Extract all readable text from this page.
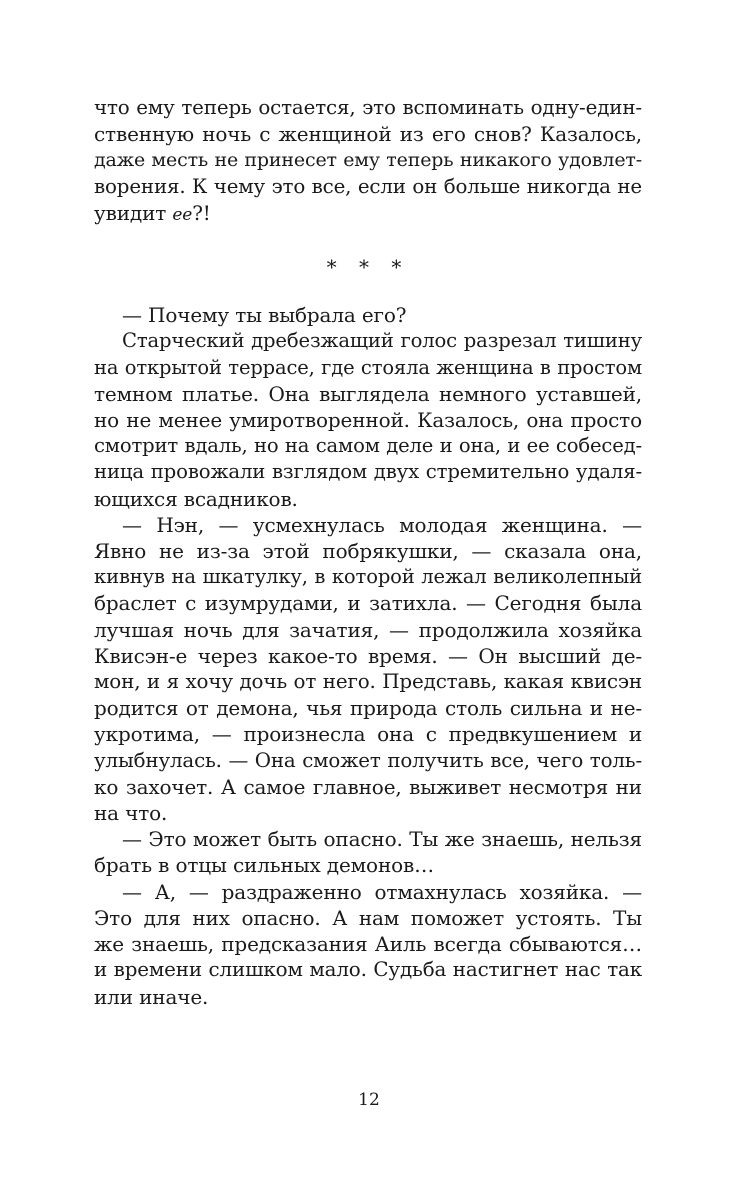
что ему теперь остается, это вспоминать одну-един-
ственную ночь с женщиной из его снов? Казалось,
даже месть не принесет ему теперь никакого удовлет-
ворения. К чему это все, если он больше никогда не
увидит ее?!

* * *

— Почему ты выбрала его?

Старческий дребезжащий голос разрезал тишину
на открытой террасе, где стояла женщина в простом
темном платье. Она выглядела немного уставшей,
но не менее умиротворенной. Казалось, она просто
смотрит вдаль, но на самом деле и она, и ее собесед-
ница провожали взглядом двух стремительно удаля-
ющихся всадников.

— Нэн, — усмехнулась молодая женщина. —
Явно не из-за этой побрякушки, — сказала она,
кивнув на шкатулку, в которой лежал великолепный
браслет с изумрудами, и затихла. — Сегодня была
лучшая ночь для зачатия, — продолжила хозяйка
Квисэн-е через какое-то время. — Он высший де-
мон, и я хочу дочь от него. Представь, какая квисэн
родится от демона, чья природа столь сильна и не-
укротима, — произнесла она с предвкушением и
улыбнулась. — Она сможет получить все, чего толь-
ко захочет. А самое главное, выживет несмотря ни
на что.

— Это может быть опасно. Ты же знаешь, нельзя
брать в отцы сильных демонов…

— А, — раздраженно отмахнулась хозяйка. —
Это для них опасно. А нам поможет устоять. Ты
же знаешь, предсказания Аиль всегда сбываются…
и времени слишком мало. Судьба настигнет нас так
или иначе.

12
